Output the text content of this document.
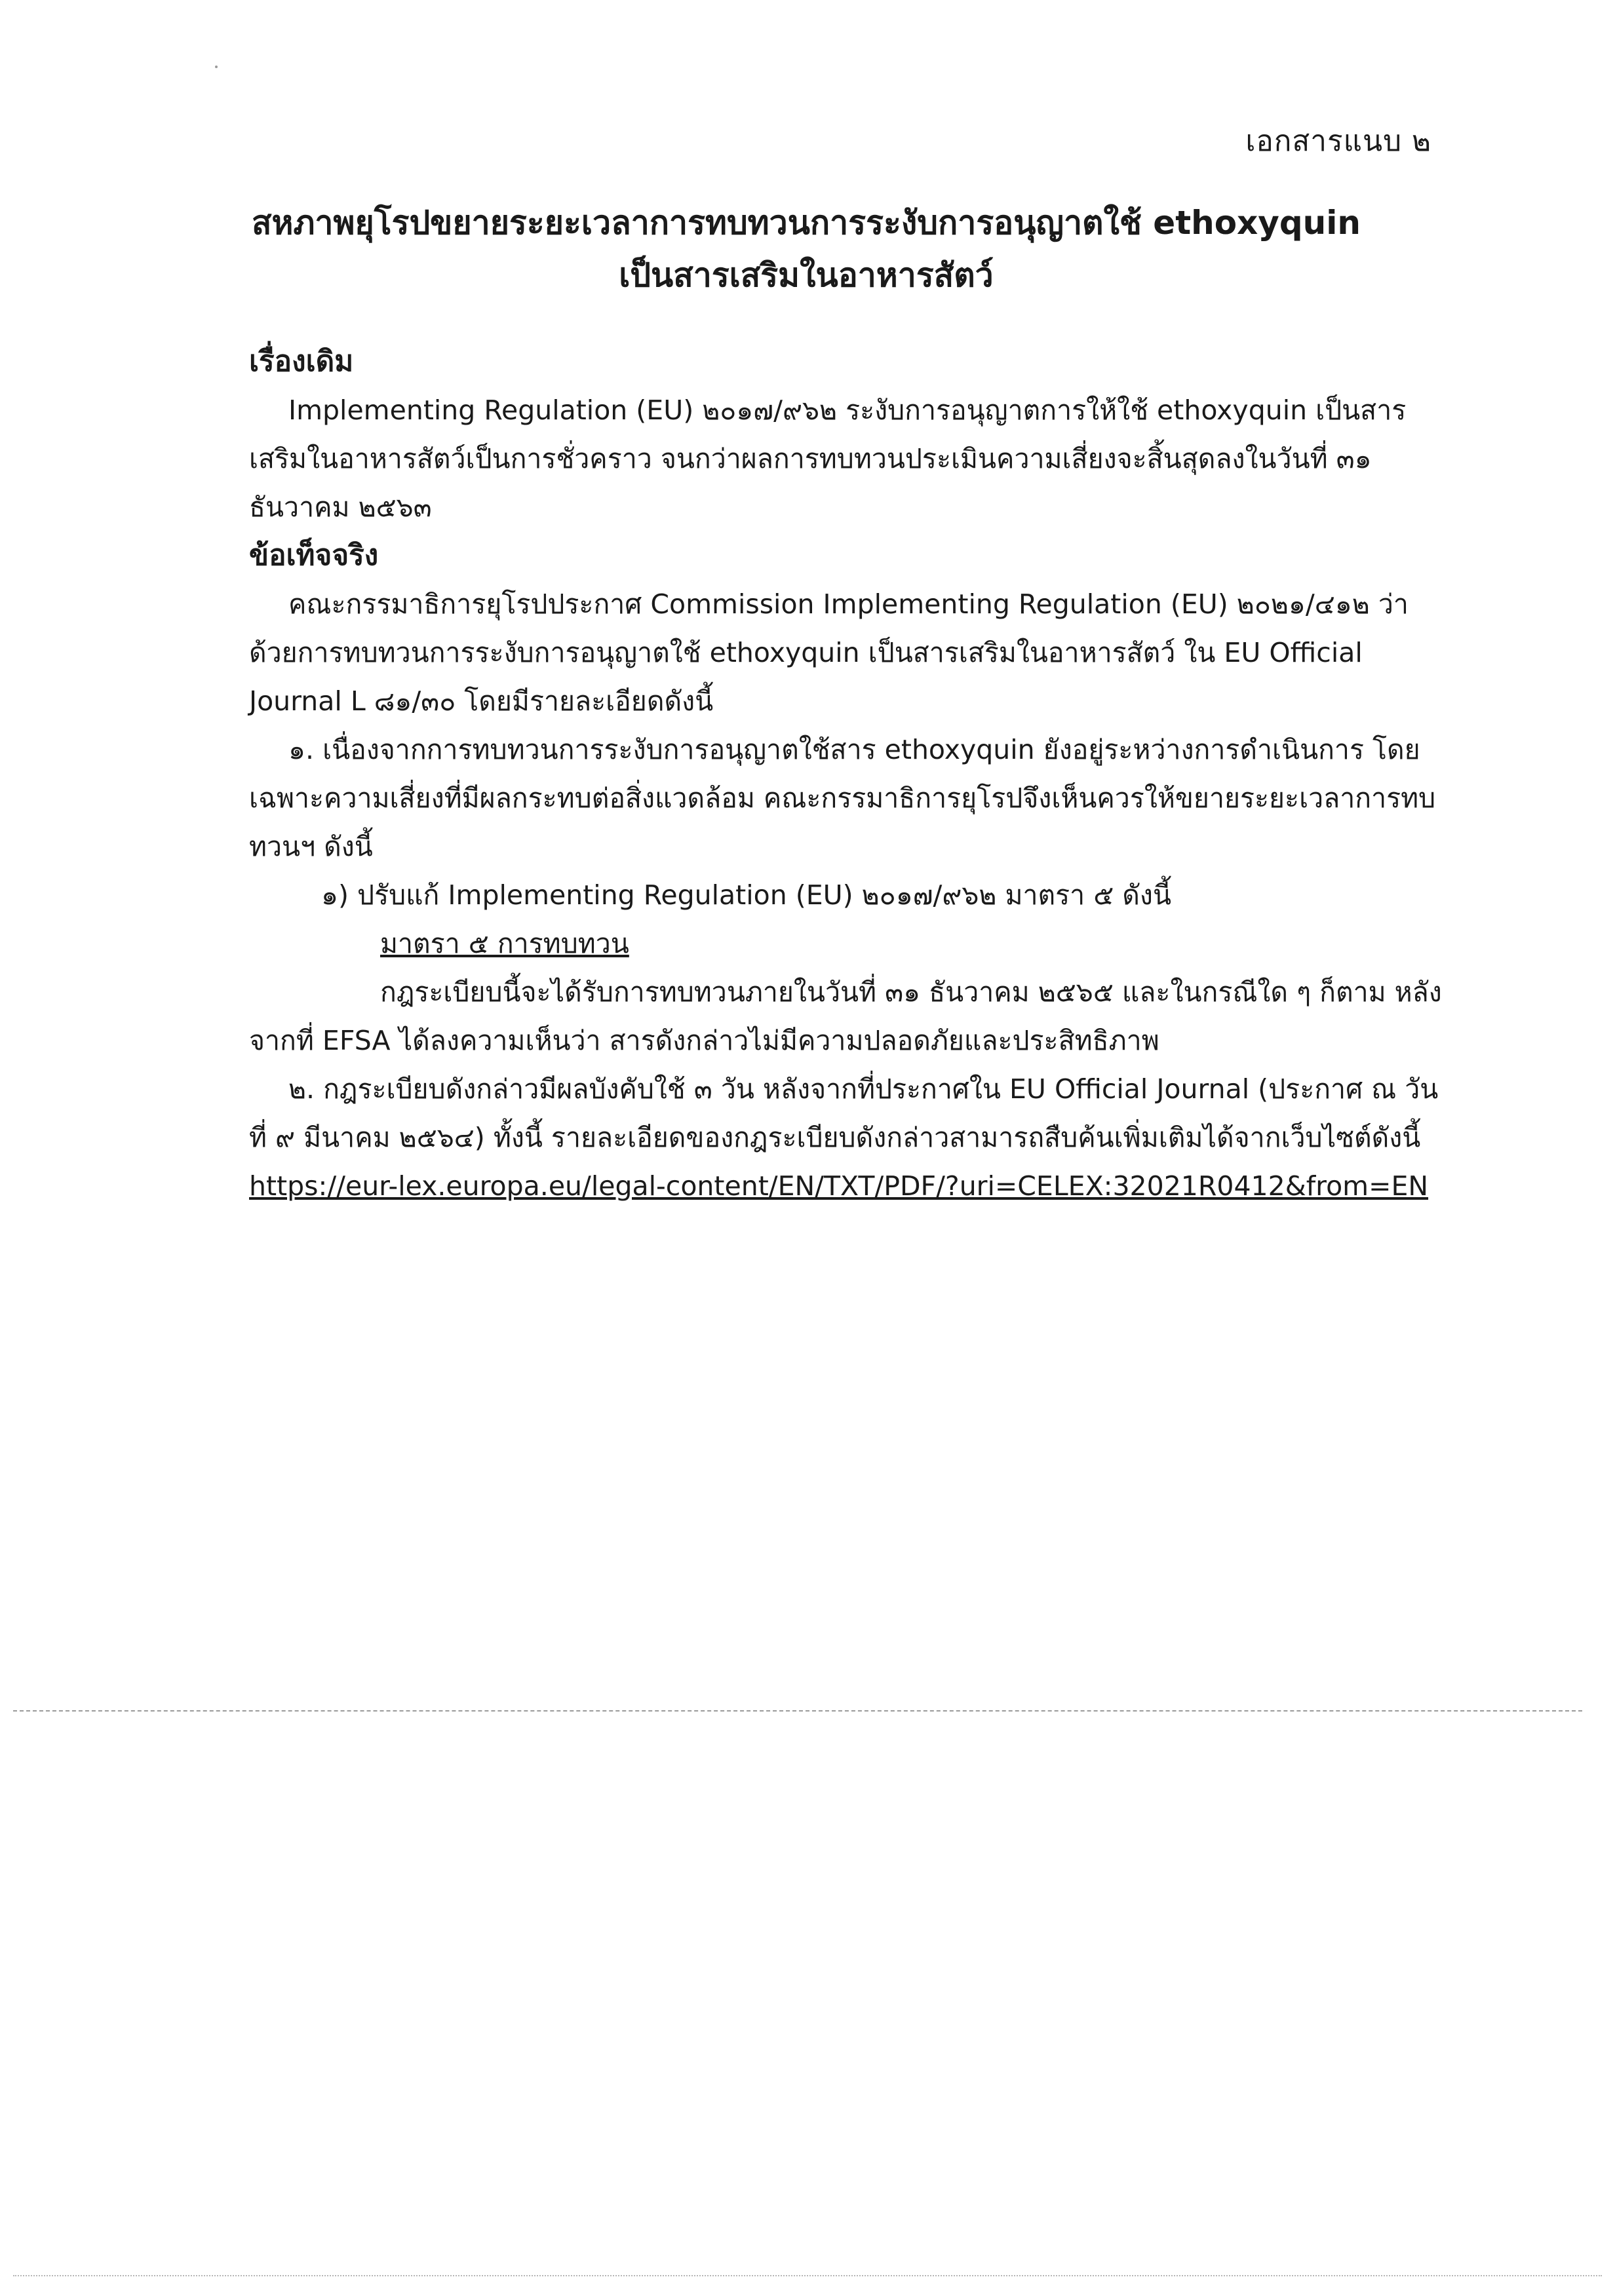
เอกสารแนบ ๒
สหภาพยุโรปขยายระยะเวลาการทบทวนการระงับการอนุญาตใช้ ethoxyquin
เป็นสารเสริมในอาหารสัตว์

เรื่องเดิม

Implementing Regulation (EU) ๒๐๑๗/๙๖๒ ระงับการอนุญาตการให้ใช้ ethoxyquin เป็นสารเสริมในอาหารสัตว์เป็นการชั่วคราว จนกว่าผลการทบทวนประเมินความเสี่ยงจะสิ้นสุดลงในวันที่ ๓๑ ธันวาคม ๒๕๖๓

ข้อเท็จจริง

คณะกรรมาธิการยุโรปประกาศ Commission Implementing Regulation (EU) ๒๐๒๑/๔๑๒ ว่าด้วยการทบทวนการระงับการอนุญาตใช้ ethoxyquin เป็นสารเสริมในอาหารสัตว์ ใน EU Official Journal L ๘๑/๓๐ โดยมีรายละเอียดดังนี้

๑. เนื่องจากการทบทวนการระงับการอนุญาตใช้สาร ethoxyquin ยังอยู่ระหว่างการดำเนินการ โดยเฉพาะความเสี่ยงที่มีผลกระทบต่อสิ่งแวดล้อม คณะกรรมาธิการยุโรปจึงเห็นควรให้ขยายระยะเวลาการทบทวนฯ ดังนี้

๑) ปรับแก้ Implementing Regulation (EU) ๒๐๑๗/๙๖๒ มาตรา ๕ ดังนี้

มาตรา ๕ การทบทวน

กฎระเบียบนี้จะได้รับการทบทวนภายในวันที่ ๓๑ ธันวาคม ๒๕๖๕ และในกรณีใด ๆ ก็ตาม หลังจากที่ EFSA ได้ลงความเห็นว่า สารดังกล่าวไม่มีความปลอดภัยและประสิทธิภาพ

๒. กฎระเบียบดังกล่าวมีผลบังคับใช้ ๓ วัน หลังจากที่ประกาศใน EU Official Journal (ประกาศ ณ วันที่ ๙ มีนาคม ๒๕๖๔) ทั้งนี้ รายละเอียดของกฎระเบียบดังกล่าวสามารถสืบค้นเพิ่มเติมได้จากเว็บไซต์ดังนี้

https://eur-lex.europa.eu/legal-content/EN/TXT/PDF/?uri=CELEX:32021R0412&from=EN
